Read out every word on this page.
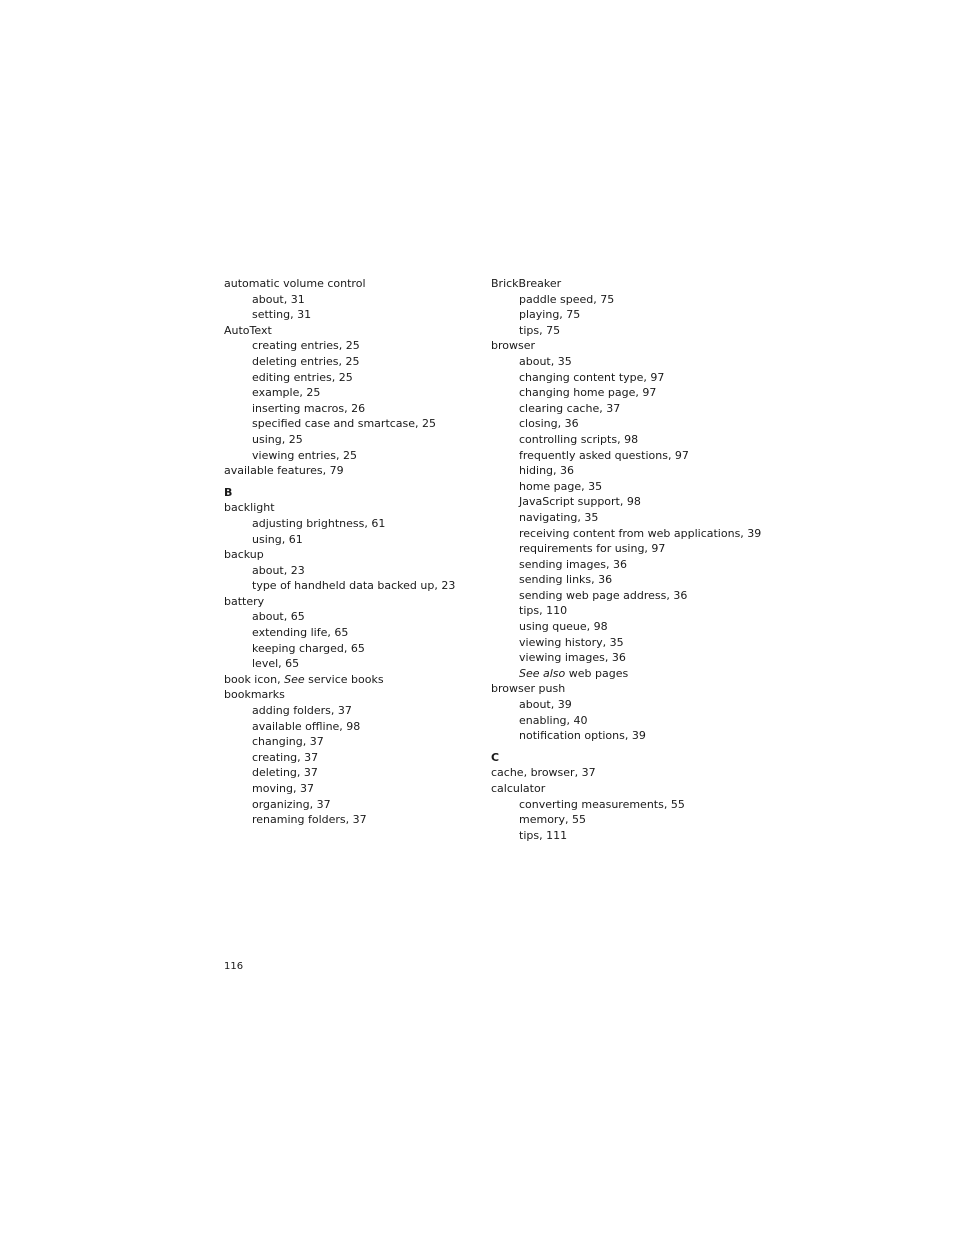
automatic volume control
about, 31
setting, 31
AutoText
creating entries, 25
deleting entries, 25
editing entries, 25
example, 25
inserting macros, 26
specified case and smartcase, 25
using, 25
viewing entries, 25
available features, 79
B
backlight
adjusting brightness, 61
using, 61
backup
about, 23
type of handheld data backed up, 23
battery
about, 65
extending life, 65
keeping charged, 65
level, 65
book icon, See service books
bookmarks
adding folders, 37
available offline, 98
changing, 37
creating, 37
deleting, 37
moving, 37
organizing, 37
renaming folders, 37
BrickBreaker
paddle speed, 75
playing, 75
tips, 75
browser
about, 35
changing content type, 97
changing home page, 97
clearing cache, 37
closing, 36
controlling scripts, 98
frequently asked questions, 97
hiding, 36
home page, 35
JavaScript support, 98
navigating, 35
receiving content from web applications, 39
requirements for using, 97
sending images, 36
sending links, 36
sending web page address, 36
tips, 110
using queue, 98
viewing history, 35
viewing images, 36
See also web pages
browser push
about, 39
enabling, 40
notification options, 39
C
cache, browser, 37
calculator
converting measurements, 55
memory, 55
tips, 111
116
